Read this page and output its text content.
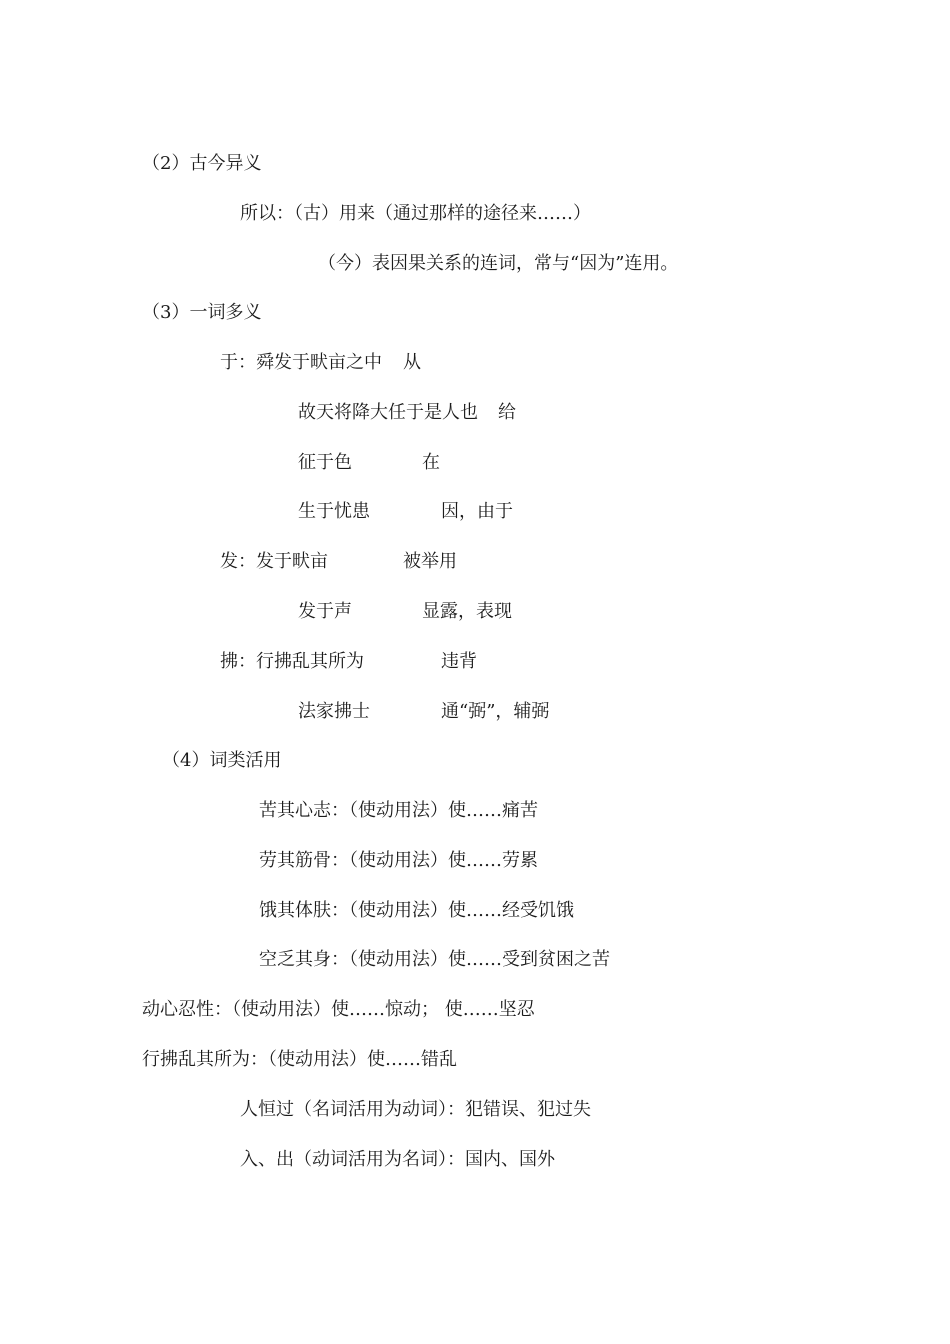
（2）古今异义
所以：（古）用来（通过那样的途径来……）
（今）表因果关系的连词，常与“因为”连用。
（3）一词多义
于：舜发于畎亩之中 从
故天将降大任于是人也 给
征于色	在
生于忧患	因，由于
发：发于畎亩	被举用
发于声	显露，表现
拂：行拂乱其所为	违背
法家拂士	通“弼”，辅弼
（4）词类活用
苦其心志：（使动用法）使……痛苦
劳其筋骨：（使动用法）使……劳累
饿其体肤：（使动用法）使……经受饥饿
空乏其身：（使动用法）使……受到贫困之苦
动心忍性：（使动用法）使……惊动； 使……坚忍
行拂乱其所为：（使动用法）使……错乱
人恒过（名词活用为动词）：犯错误、犯过失
入、出（动词活用为名词）：国内、国外
